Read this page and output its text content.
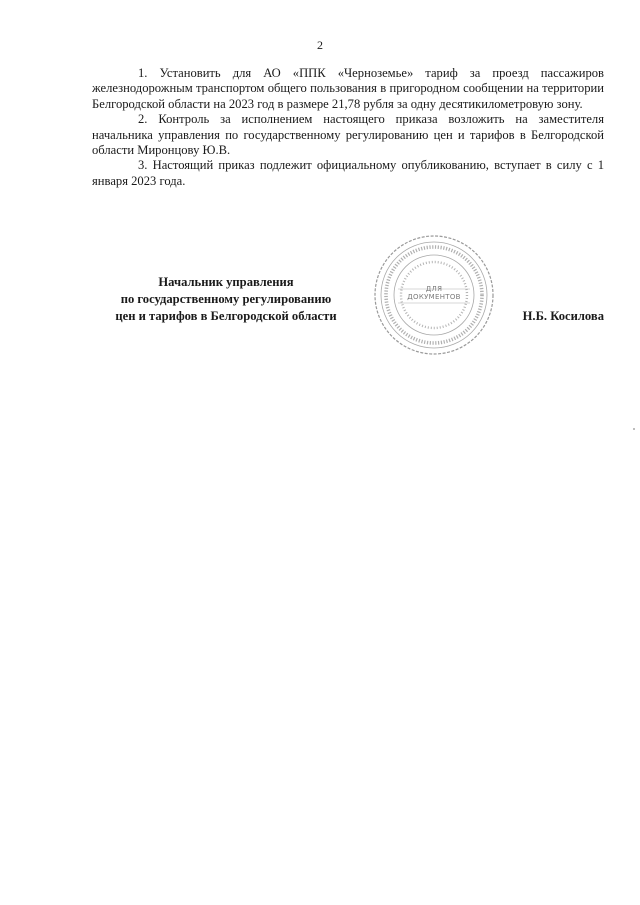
2

1. Установить для АО «ППК «Черноземье» тариф за проезд пассажиров железнодорожным транспортом общего пользования в пригородном сообщении на территории Белгородской области на 2023 год в размере 21,78 рубля за одну десятикилометровую зону.

2. Контроль за исполнением настоящего приказа возложить на заместителя начальника управления по государственному регулированию цен и тарифов в Белгородской области Миронцову Ю.В.

3. Настоящий приказ подлежит официальному опубликованию, вступает в силу с 1 января 2023 года.

ДЛЯ
ДОКУМЕНТОВ
Начальник управления
по государственному регулированию
цен и тарифов в Белгородской области	Н.Б. Косилова
